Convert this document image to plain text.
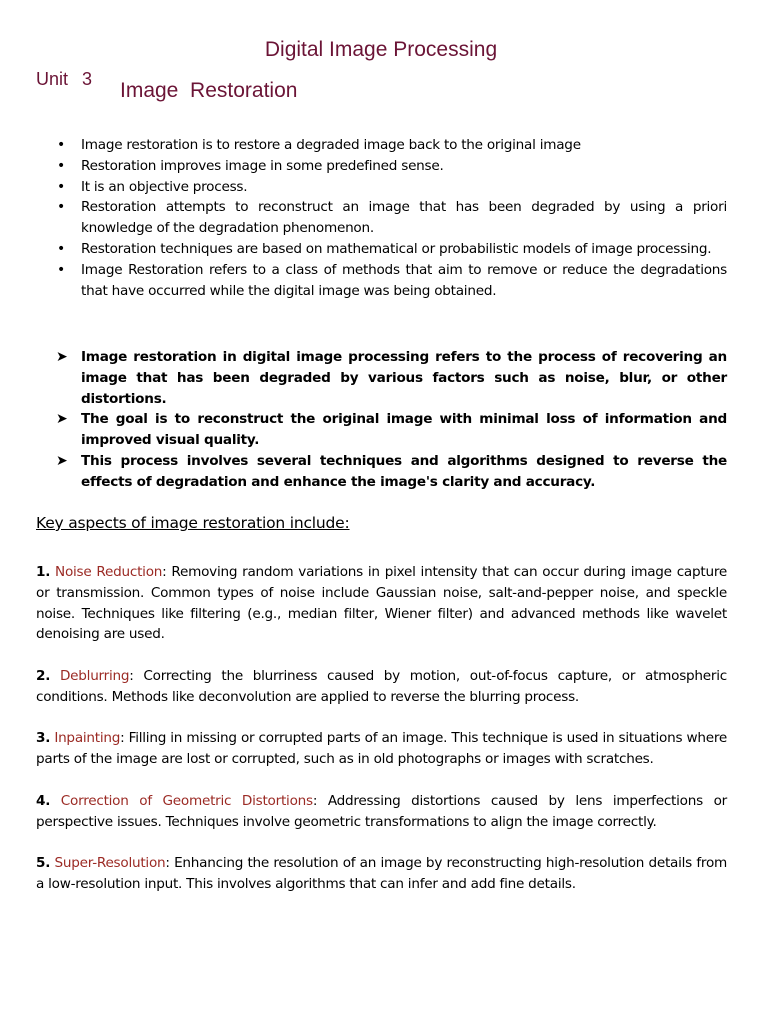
Digital Image Processing
Unit 3 Image  Restoration
• Image restoration is to restore a degraded image back to the original image
• Restoration improves image in some predefined sense.
• It is an objective process.
• Restoration attempts to reconstruct an image that has been degraded by using a priori knowledge of the degradation phenomenon.
• Restoration techniques are based on mathematical or probabilistic models of image processing.
• Image Restoration refers to a class of methods that aim to remove or reduce the degradations that have occurred while the digital image was being obtained.
➤ Image restoration in digital image processing refers to the process of recovering an image that has been degraded by various factors such as noise, blur, or other distortions.
➤ The goal is to reconstruct the original image with minimal loss of information and improved visual quality.
➤ This process involves several techniques and algorithms designed to reverse the effects of degradation and enhance the image's clarity and accuracy.
Key aspects of image restoration include:
1. Noise Reduction: Removing random variations in pixel intensity that can occur during image capture or transmission. Common types of noise include Gaussian noise, salt-and-pepper noise, and speckle noise. Techniques like filtering (e.g., median filter, Wiener filter) and advanced methods like wavelet denoising are used.
2. Deblurring: Correcting the blurriness caused by motion, out-of-focus capture, or atmospheric conditions. Methods like deconvolution are applied to reverse the blurring process.
3. Inpainting: Filling in missing or corrupted parts of an image. This technique is used in situations where parts of the image are lost or corrupted, such as in old photographs or images with scratches.
4. Correction of Geometric Distortions: Addressing distortions caused by lens imperfections or perspective issues. Techniques involve geometric transformations to align the image correctly.
5. Super-Resolution: Enhancing the resolution of an image by reconstructing high-resolution details from a low-resolution input. This involves algorithms that can infer and add fine details.
